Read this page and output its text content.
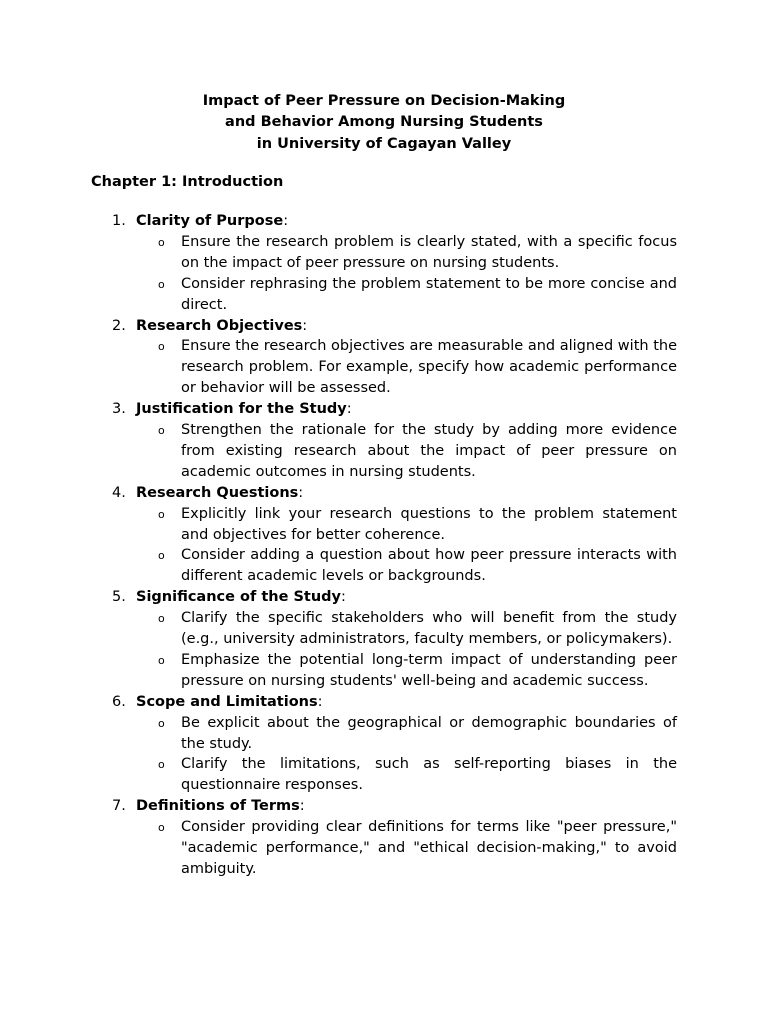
Impact of Peer Pressure on Decision-Making
and Behavior Among Nursing Students
in University of Cagayan Valley
Chapter 1: Introduction
1. Clarity of Purpose:
o Ensure the research problem is clearly stated, with a specific focus on the impact of peer pressure on nursing students.
o Consider rephrasing the problem statement to be more concise and direct.
2. Research Objectives:
o Ensure the research objectives are measurable and aligned with the research problem. For example, specify how academic performance or behavior will be assessed.
3. Justification for the Study:
o Strengthen the rationale for the study by adding more evidence from existing research about the impact of peer pressure on academic outcomes in nursing students.
4. Research Questions:
o Explicitly link your research questions to the problem statement and objectives for better coherence.
o Consider adding a question about how peer pressure interacts with different academic levels or backgrounds.
5. Significance of the Study:
o Clarify the specific stakeholders who will benefit from the study (e.g., university administrators, faculty members, or policymakers).
o Emphasize the potential long-term impact of understanding peer pressure on nursing students' well-being and academic success.
6. Scope and Limitations:
o Be explicit about the geographical or demographic boundaries of the study.
o Clarify the limitations, such as self-reporting biases in the questionnaire responses.
7. Definitions of Terms:
o Consider providing clear definitions for terms like "peer pressure," "academic performance," and "ethical decision-making," to avoid ambiguity.
